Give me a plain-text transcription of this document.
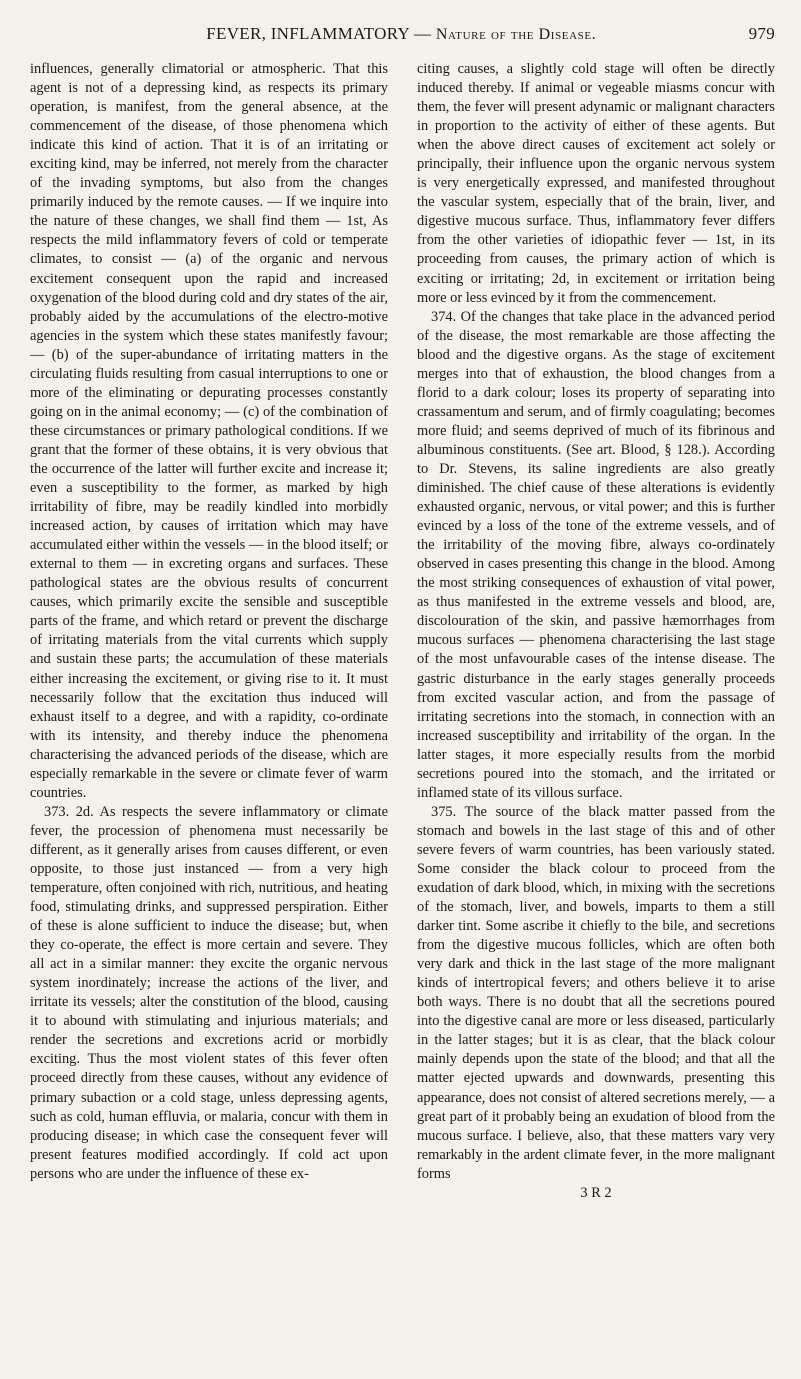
FEVER, INFLAMMATORY — Nature of the Disease.	979

influences, generally climatorial or atmospheric. That this agent is not of a depressing kind, as respects its primary operation, is manifest, from the general absence, at the commencement of the disease, of those phenomena which indicate this kind of action. That it is of an irritating or exciting kind, may be inferred, not merely from the character of the invading symptoms, but also from the changes primarily induced by the remote causes. — If we inquire into the nature of these changes, we shall find them — 1st, As respects the mild inflammatory fevers of cold or temperate climates, to consist — (a) of the organic and nervous excitement consequent upon the rapid and increased oxygenation of the blood during cold and dry states of the air, probably aided by the accumulations of the electro-motive agencies in the system which these states manifestly favour; — (b) of the super-abundance of irritating matters in the circulating fluids resulting from casual interruptions to one or more of the eliminating or depurating processes constantly going on in the animal economy; — (c) of the combination of these circumstances or primary pathological conditions. If we grant that the former of these obtains, it is very obvious that the occurrence of the latter will further excite and increase it; even a susceptibility to the former, as marked by high irritability of fibre, may be readily kindled into morbidly increased action, by causes of irritation which may have accumulated either within the vessels — in the blood itself; or external to them — in excreting organs and surfaces. These pathological states are the obvious results of concurrent causes, which primarily excite the sensible and susceptible parts of the frame, and which retard or prevent the discharge of irritating materials from the vital currents which supply and sustain these parts; the accumulation of these materials either increasing the excitement, or giving rise to it. It must necessarily follow that the excitation thus induced will exhaust itself to a degree, and with a rapidity, co-ordinate with its intensity, and thereby induce the phenomena characterising the advanced periods of the disease, which are especially remarkable in the severe or climate fever of warm countries.

373. 2d. As respects the severe inflammatory or climate fever, the procession of phenomena must necessarily be different, as it generally arises from causes different, or even opposite, to those just instanced — from a very high temperature, often conjoined with rich, nutritious, and heating food, stimulating drinks, and suppressed perspiration. Either of these is alone sufficient to induce the disease; but, when they co-operate, the effect is more certain and severe. They all act in a similar manner: they excite the organic nervous system inordinately; increase the actions of the liver, and irritate its vessels; alter the constitution of the blood, causing it to abound with stimulating and injurious materials; and render the secretions and excretions acrid or morbidly exciting. Thus the most violent states of this fever often proceed directly from these causes, without any evidence of primary subaction or a cold stage, unless depressing agents, such as cold, human effluvia, or malaria, concur with them in producing disease; in which case the consequent fever will present features modified accordingly. If cold act upon persons who are under the influence of these ex-

citing causes, a slightly cold stage will often be directly induced thereby. If animal or vegeable miasms concur with them, the fever will present adynamic or malignant characters in proportion to the activity of either of these agents. But when the above direct causes of excitement act solely or principally, their influence upon the organic nervous system is very energetically expressed, and manifested throughout the vascular system, especially that of the brain, liver, and digestive mucous surface. Thus, inflammatory fever differs from the other varieties of idiopathic fever — 1st, in its proceeding from causes, the primary action of which is exciting or irritating; 2d, in excitement or irritation being more or less evinced by it from the commencement.

374. Of the changes that take place in the advanced period of the disease, the most remarkable are those affecting the blood and the digestive organs. As the stage of excitement merges into that of exhaustion, the blood changes from a florid to a dark colour; loses its property of separating into crassamentum and serum, and of firmly coagulating; becomes more fluid; and seems deprived of much of its fibrinous and albuminous constituents. (See art. Blood, § 128.). According to Dr. Stevens, its saline ingredients are also greatly diminished. The chief cause of these alterations is evidently exhausted organic, nervous, or vital power; and this is further evinced by a loss of the tone of the extreme vessels, and of the irritability of the moving fibre, always co-ordinately observed in cases presenting this change in the blood. Among the most striking consequences of exhaustion of vital power, as thus manifested in the extreme vessels and blood, are, discolouration of the skin, and passive hæmorrhages from mucous surfaces — phenomena characterising the last stage of the most unfavourable cases of the intense disease. The gastric disturbance in the early stages generally proceeds from excited vascular action, and from the passage of irritating secretions into the stomach, in connection with an increased susceptibility and irritability of the organ. In the latter stages, it more especially results from the morbid secretions poured into the stomach, and the irritated or inflamed state of its villous surface.

375. The source of the black matter passed from the stomach and bowels in the last stage of this and of other severe fevers of warm countries, has been variously stated. Some consider the black colour to proceed from the exudation of dark blood, which, in mixing with the secretions of the stomach, liver, and bowels, imparts to them a still darker tint. Some ascribe it chiefly to the bile, and secretions from the digestive mucous follicles, which are often both very dark and thick in the last stage of the more malignant kinds of intertropical fevers; and others believe it to arise both ways. There is no doubt that all the secretions poured into the digestive canal are more or less diseased, particularly in the latter stages; but it is as clear, that the black colour mainly depends upon the state of the blood; and that all the matter ejected upwards and downwards, presenting this appearance, does not consist of altered secretions merely, — a great part of it probably being an exudation of blood from the mucous surface. I believe, also, that these matters vary very remarkably in the ardent climate fever, in the more malignant forms

3 R 2
